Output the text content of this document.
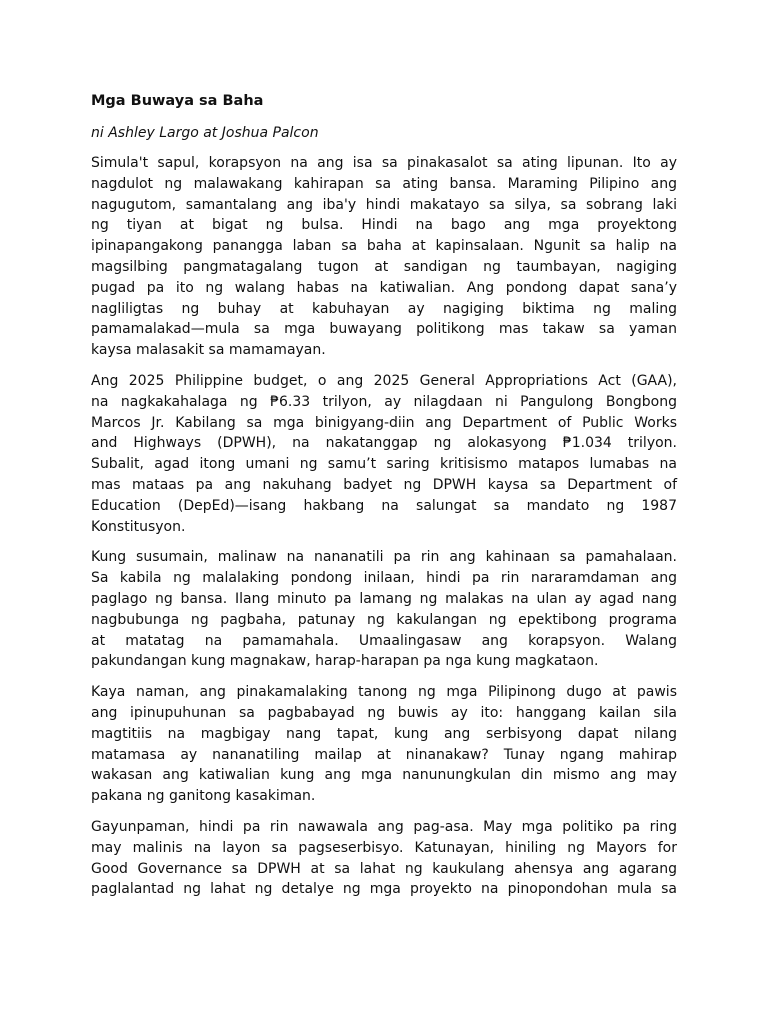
Mga Buwaya sa Baha
ni Ashley Largo at Joshua Palcon
Simula't sapul, korapsyon na ang isa sa pinakasalot sa ating lipunan. Ito ay
nagdulot ng malawakang kahirapan sa ating bansa. Maraming Pilipino ang
nagugutom, samantalang ang iba'y hindi makatayo sa silya, sa sobrang laki
ng tiyan at bigat ng bulsa. Hindi na bago ang mga proyektong
ipinapangakong panangga laban sa baha at kapinsalaan. Ngunit sa halip na
magsilbing pangmatagalang tugon at sandigan ng taumbayan, nagiging
pugad pa ito ng walang habas na katiwalian. Ang pondong dapat sana’y
nagliligtas ng buhay at kabuhayan ay nagiging biktima ng maling
pamamalakad—mula sa mga buwayang politikong mas takaw sa yaman
kaysa malasakit sa mamamayan.
Ang 2025 Philippine budget, o ang 2025 General Appropriations Act (GAA),
na nagkakahalaga ng ₱6.33 trilyon, ay nilagdaan ni Pangulong Bongbong
Marcos Jr. Kabilang sa mga binigyang-diin ang Department of Public Works
and Highways (DPWH), na nakatanggap ng alokasyong ₱1.034 trilyon.
Subalit, agad itong umani ng samu’t saring kritisismo matapos lumabas na
mas mataas pa ang nakuhang badyet ng DPWH kaysa sa Department of
Education (DepEd)—isang hakbang na salungat sa mandato ng 1987
Konstitusyon.
Kung susumain, malinaw na nananatili pa rin ang kahinaan sa pamahalaan.
Sa kabila ng malalaking pondong inilaan, hindi pa rin nararamdaman ang
paglago ng bansa. Ilang minuto pa lamang ng malakas na ulan ay agad nang
nagbubunga ng pagbaha, patunay ng kakulangan ng epektibong programa
at matatag na pamamahala. Umaalingasaw ang korapsyon. Walang
pakundangan kung magnakaw, harap-harapan pa nga kung magkataon.
Kaya naman, ang pinakamalaking tanong ng mga Pilipinong dugo at pawis
ang ipinupuhunan sa pagbabayad ng buwis ay ito: hanggang kailan sila
magtitiis na magbigay nang tapat, kung ang serbisyong dapat nilang
matamasa ay nananatiling mailap at ninanakaw? Tunay ngang mahirap
wakasan ang katiwalian kung ang mga nanunungkulan din mismo ang may
pakana ng ganitong kasakiman.
Gayunpaman, hindi pa rin nawawala ang pag-asa. May mga politiko pa ring
may malinis na layon sa pagseserbisyo. Katunayan, hiniling ng Mayors for
Good Governance sa DPWH at sa lahat ng kaukulang ahensya ang agarang
paglalantad ng lahat ng detalye ng mga proyekto na pinopondohan mula sa
